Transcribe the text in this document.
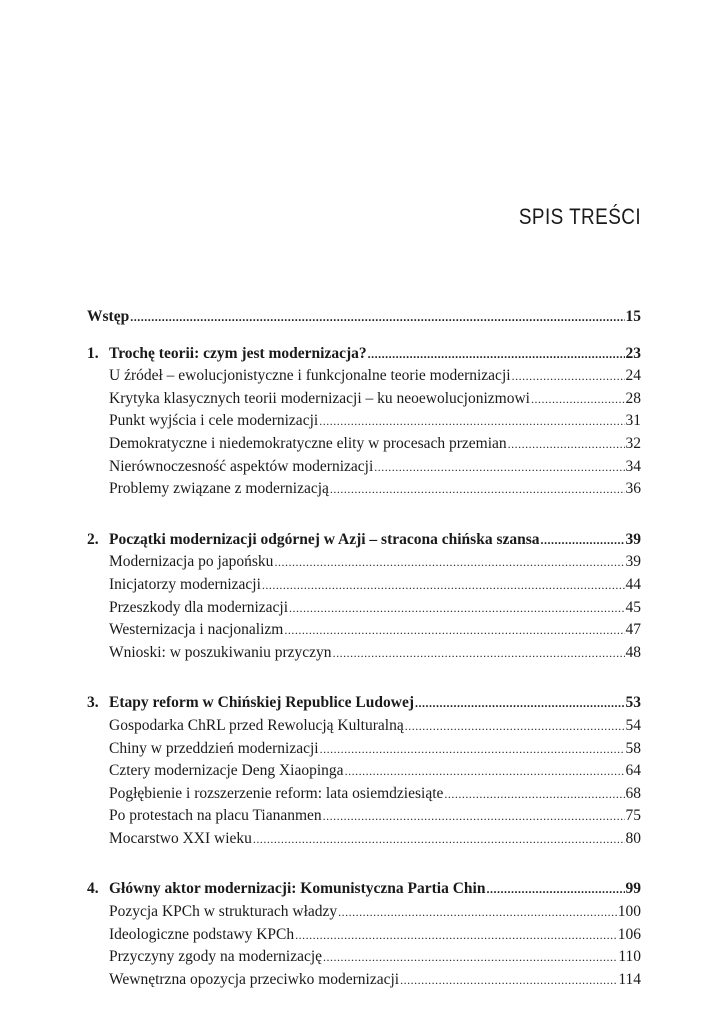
SPIS TREŚCI
Wstęp .....	15
1. Trochę teorii: czym jest modernizacja? .....	23
U źródeł – ewolucjonistyczne i funkcjonalne teorie modernizacji .....	24
Krytyka klasycznych teorii modernizacji – ku neoewolucjonizmowi .....	28
Punkt wyjścia i cele modernizacji .....	31
Demokratyczne i niedemokratyczne elity w procesach przemian .....	32
Nierównoczesność aspektów modernizacji .....	34
Problemy związane z modernizacją .....	36
2. Początki modernizacji odgórnej w Azji – stracona chińska szansa .....	39
Modernizacja po japońsku .....	39
Inicjatorzy modernizacji .....	44
Przeszkody dla modernizacji .....	45
Westernizacja i nacjonalizm .....	47
Wnioski: w poszukiwaniu przyczyn .....	48
3. Etapy reform w Chińskiej Republice Ludowej .....	53
Gospodarka ChRL przed Rewolucją Kulturalną .....	54
Chiny w przeddzień modernizacji .....	58
Cztery modernizacje Deng Xiaopinga .....	64
Pogłębienie i rozszerzenie reform: lata osiemdziesiąte .....	68
Po protestach na placu Tiananmen .....	75
Mocarstwo XXI wieku .....	80
4. Główny aktor modernizacji: Komunistyczna Partia Chin .....	99
Pozycja KPCh w strukturach władzy .....	100
Ideologiczne podstawy KPCh .....	106
Przyczyny zgody na modernizację .....	110
Wewnętrzna opozycja przeciwko modernizacji .....	114
